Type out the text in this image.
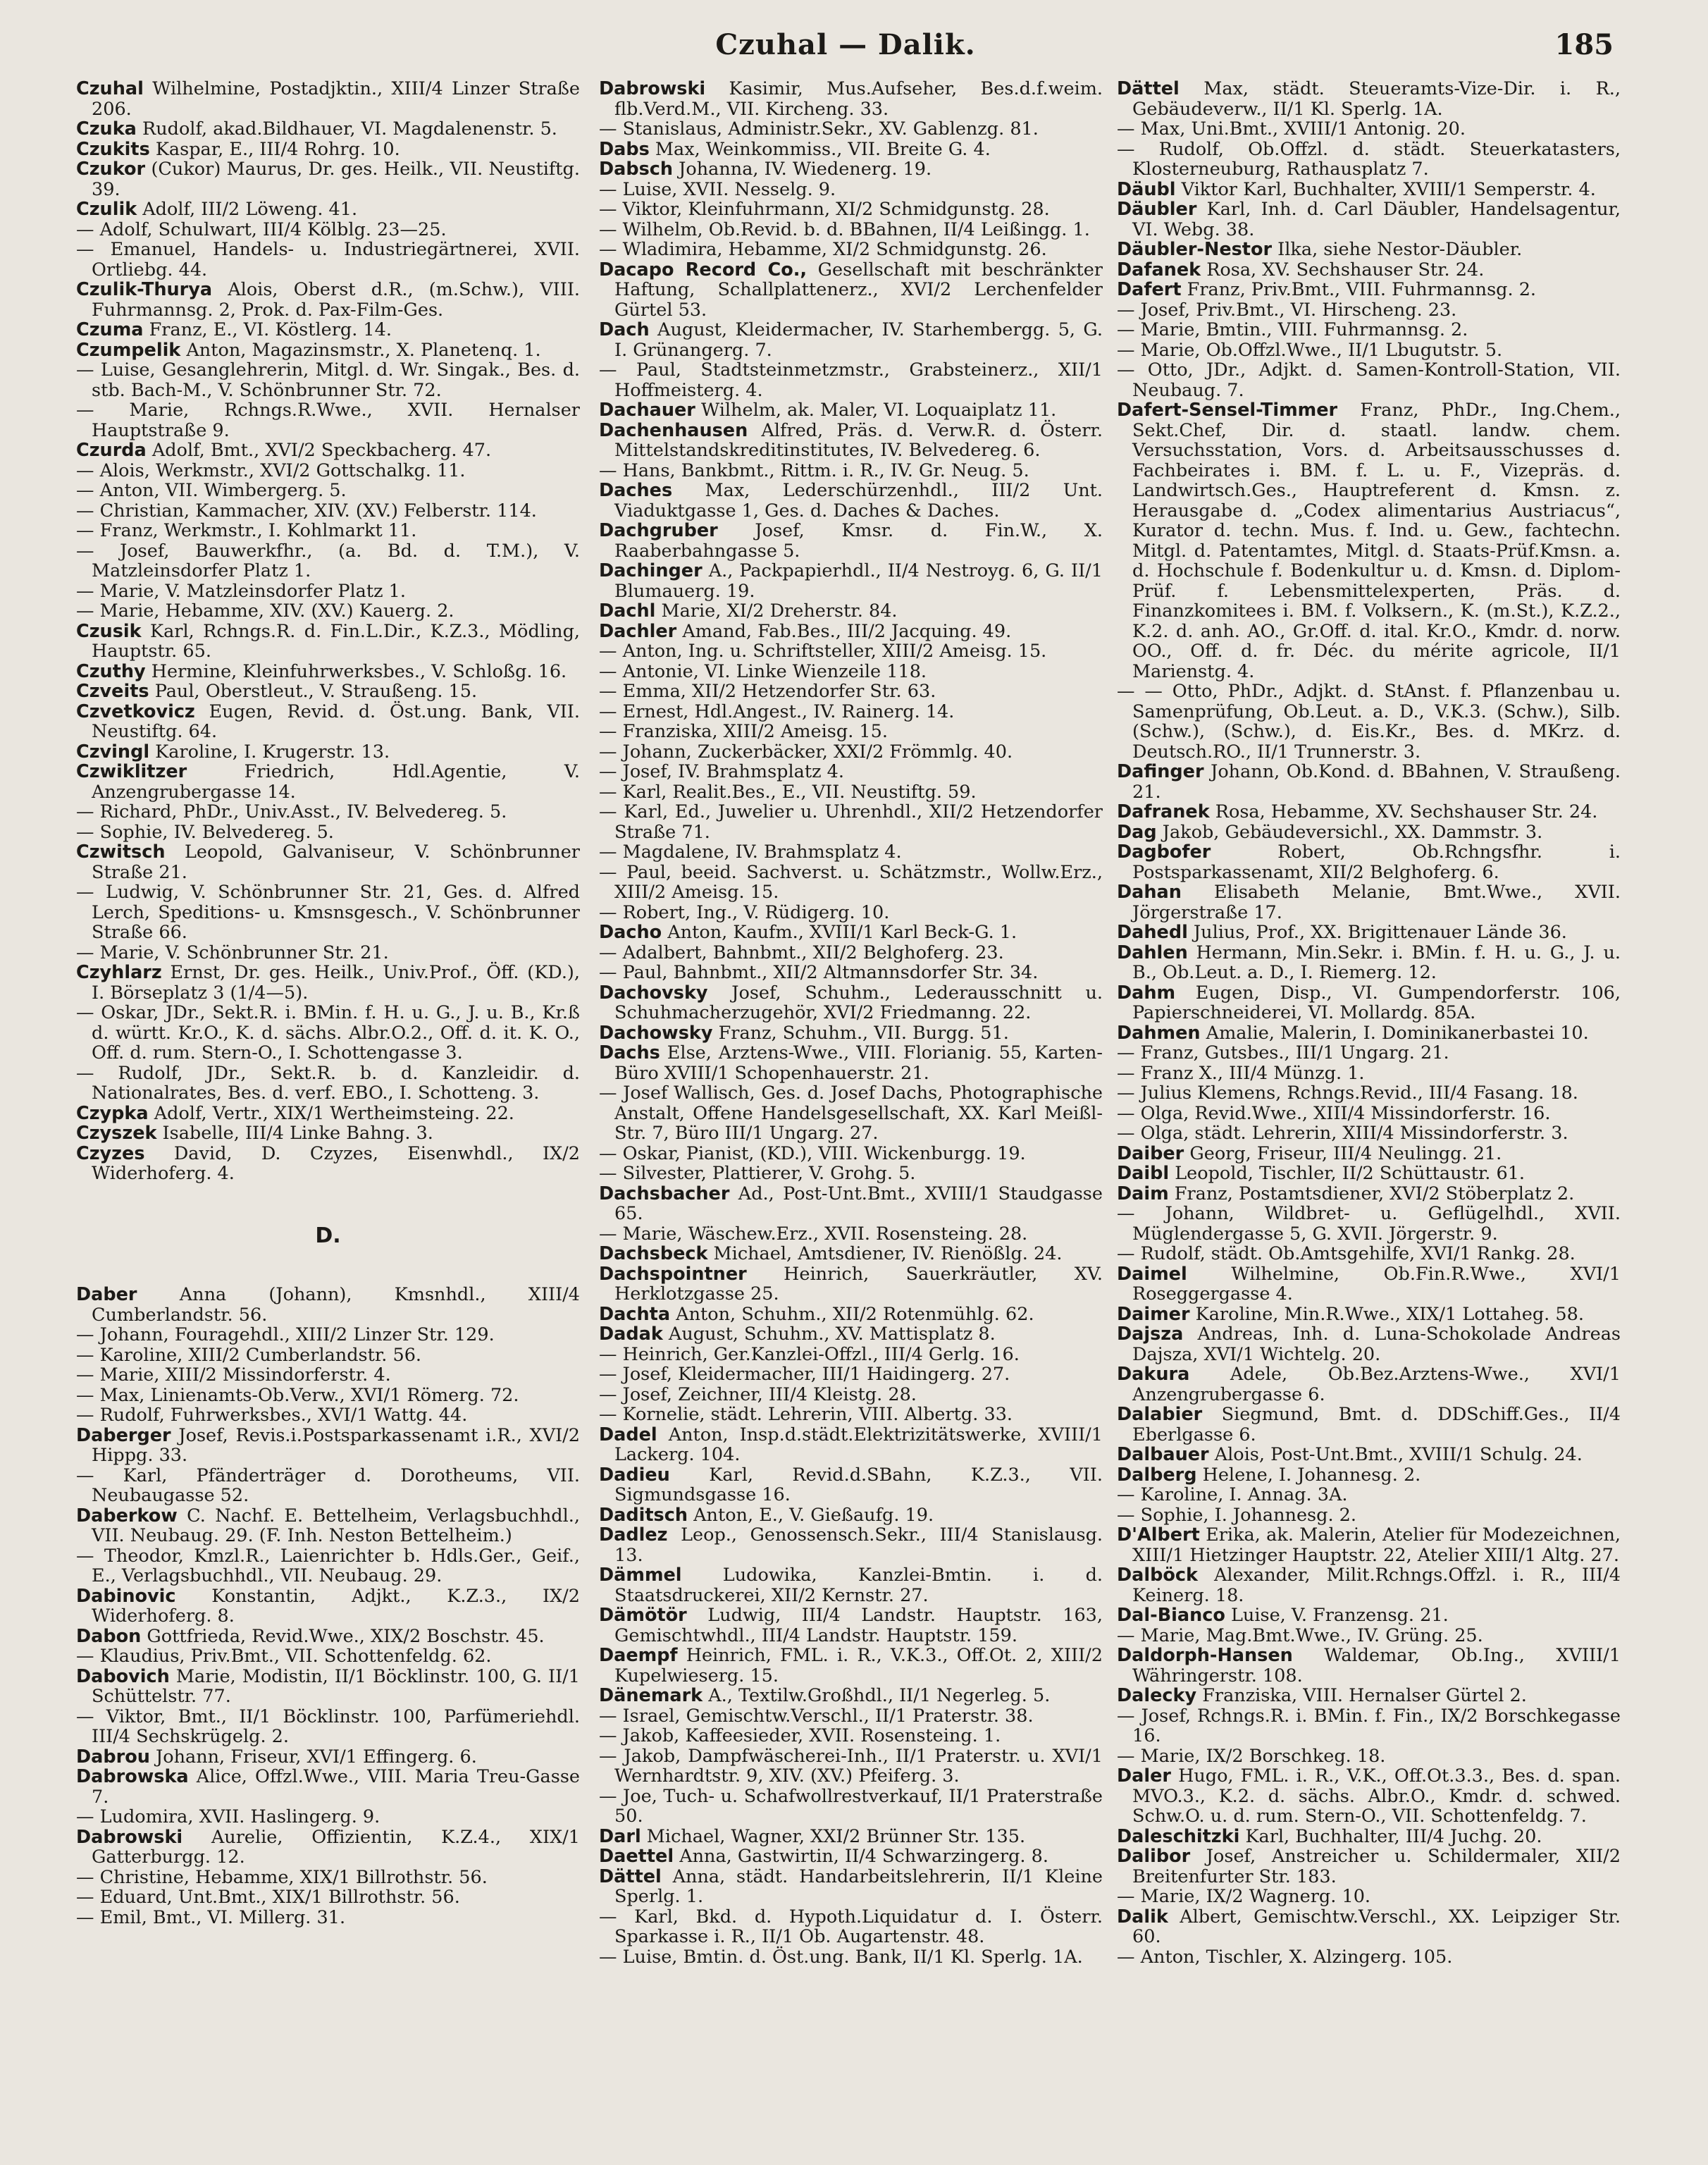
Czuhal — Dalik.	185

Czuhal Wilhelmine, Postadjktin., XIII/4 Linzer Straße 206.

Czuka Rudolf, akad.Bildhauer, VI. Magdalenenstr. 5.

Czukits Kaspar, E., III/4 Rohrg. 10.

Czukor (Cukor) Maurus, Dr. ges. Heilk., VII. Neustiftg. 39.

Czulik Adolf, III/2 Löweng. 41.

— Adolf, Schulwart, III/4 Kölblg. 23—25.

— Emanuel, Handels- u. Industriegärtnerei, XVII. Ortliebg. 44.

Czulik-Thurya Alois, Oberst d.R., (m.Schw.), VIII. Fuhrmannsg. 2, Prok. d. Pax-Film-Ges.

Czuma Franz, E., VI. Köstlerg. 14.

Czumpelik Anton, Magazinsmstr., X. Planetenq. 1.

— Luise, Gesanglehrerin, Mitgl. d. Wr. Singak., Bes. d. stb. Bach-M., V. Schönbrunner Str. 72.

— Marie, Rchngs.R.Wwe., XVII. Hernalser Hauptstraße 9.

Czurda Adolf, Bmt., XVI/2 Speckbacherg. 47.

— Alois, Werkmstr., XVI/2 Gottschalkg. 11.

— Anton, VII. Wimbergerg. 5.

— Christian, Kammacher, XIV. (XV.) Felberstr. 114.

— Franz, Werkmstr., I. Kohlmarkt 11.

— Josef, Bauwerkfhr., (a. Bd. d. T.M.), V. Matzleinsdorfer Platz 1.

— Marie, V. Matzleinsdorfer Platz 1.

— Marie, Hebamme, XIV. (XV.) Kauerg. 2.

Czusik Karl, Rchngs.R. d. Fin.L.Dir., K.Z.3., Mödling, Hauptstr. 65.

Czuthy Hermine, Kleinfuhrwerksbes., V. Schloßg. 16.

Czveits Paul, Oberstleut., V. Straußeng. 15.

Czvetkovicz Eugen, Revid. d. Öst.ung. Bank, VII. Neustiftg. 64.

Czvingl Karoline, I. Krugerstr. 13.

Czwiklitzer Friedrich, Hdl.Agentie, V. Anzengrubergasse 14.

— Richard, PhDr., Univ.Asst., IV. Belvedereg. 5.

— Sophie, IV. Belvedereg. 5.

Czwitsch Leopold, Galvaniseur, V. Schönbrunner Straße 21.

— Ludwig, V. Schönbrunner Str. 21, Ges. d. Alfred Lerch, Speditions- u. Kmsnsgesch., V. Schönbrunner Straße 66.

— Marie, V. Schönbrunner Str. 21.

Czyhlarz Ernst, Dr. ges. Heilk., Univ.Prof., Öff. (KD.), I. Börseplatz 3 (1/4—5).

— Oskar, JDr., Sekt.R. i. BMin. f. H. u. G., J. u. B., Kr.ß d. württ. Kr.O., K. d. sächs. Albr.O.2., Off. d. it. K. O., Off. d. rum. Stern-O., I. Schottengasse 3.

— Rudolf, JDr., Sekt.R. b. d. Kanzleidir. d. Nationalrates, Bes. d. verf. EBO., I. Schotteng. 3.

Czypka Adolf, Vertr., XIX/1 Wertheimsteing. 22.

Czyszek Isabelle, III/4 Linke Bahng. 3.

Czyzes David, D. Czyzes, Eisenwhdl., IX/2 Widerhoferg. 4.

D.

Daber Anna (Johann), Kmsnhdl., XIII/4 Cumberlandstr. 56.

— Johann, Fouragehdl., XIII/2 Linzer Str. 129.

— Karoline, XIII/2 Cumberlandstr. 56.

— Marie, XIII/2 Missindorferstr. 4.

— Max, Linienamts-Ob.Verw., XVI/1 Römerg. 72.

— Rudolf, Fuhrwerksbes., XVI/1 Wattg. 44.

Daberger Josef, Revis.i.Postsparkassenamt i.R., XVI/2 Hippg. 33.

— Karl, Pfänderträger d. Dorotheums, VII. Neubaugasse 52.

Daberkow C. Nachf. E. Bettelheim, Verlagsbuchhdl., VII. Neubaug. 29. (F. Inh. Neston Bettelheim.)

— Theodor, Kmzl.R., Laienrichter b. Hdls.Ger., Geif., E., Verlagsbuchhdl., VII. Neubaug. 29.

Dabinovic Konstantin, Adjkt., K.Z.3., IX/2 Widerhoferg. 8.

Dabon Gottfrieda, Revid.Wwe., XIX/2 Boschstr. 45.

— Klaudius, Priv.Bmt., VII. Schottenfeldg. 62.

Dabovich Marie, Modistin, II/1 Böcklinstr. 100, G. II/1 Schüttelstr. 77.

— Viktor, Bmt., II/1 Böcklinstr. 100, Parfümeriehdl. III/4 Sechskrügelg. 2.

Dabrou Johann, Friseur, XVI/1 Effingerg. 6.

Dabrowska Alice, Offzl.Wwe., VIII. Maria Treu-Gasse 7.

— Ludomira, XVII. Haslingerg. 9.

Dabrowski Aurelie, Offizientin, K.Z.4., XIX/1 Gatterburgg. 12.

— Christine, Hebamme, XIX/1 Billrothstr. 56.

— Eduard, Unt.Bmt., XIX/1 Billrothstr. 56.

— Emil, Bmt., VI. Millerg. 31.

Dabrowski Kasimir, Mus.Aufseher, Bes.d.f.weim. flb.Verd.M., VII. Kircheng. 33.

— Stanislaus, Administr.Sekr., XV. Gablenzg. 81.

Dabs Max, Weinkommiss., VII. Breite G. 4.

Dabsch Johanna, IV. Wiedenerg. 19.

— Luise, XVII. Nesselg. 9.

— Viktor, Kleinfuhrmann, XI/2 Schmidgunstg. 28.

— Wilhelm, Ob.Revid. b. d. BBahnen, II/4 Leißingg. 1.

— Wladimira, Hebamme, XI/2 Schmidgunstg. 26.

Dacapo Record Co., Gesellschaft mit beschränkter Haftung, Schallplattenerz., XVI/2 Lerchenfelder Gürtel 53.

Dach August, Kleidermacher, IV. Starhembergg. 5, G. I. Grünangerg. 7.

— Paul, Stadtsteinmetzmstr., Grabsteinerz., XII/1 Hoffmeisterg. 4.

Dachauer Wilhelm, ak. Maler, VI. Loquaiplatz 11.

Dachenhausen Alfred, Präs. d. Verw.R. d. Österr. Mittelstandskreditinstitutes, IV. Belvedereg. 6.

— Hans, Bankbmt., Rittm. i. R., IV. Gr. Neug. 5.

Daches Max, Lederschürzenhdl., III/2 Unt. Viaduktgasse 1, Ges. d. Daches & Daches.

Dachgruber Josef, Kmsr. d. Fin.W., X. Raaberbahngasse 5.

Dachinger A., Packpapierhdl., II/4 Nestroyg. 6, G. II/1 Blumauerg. 19.

Dachl Marie, XI/2 Dreherstr. 84.

Dachler Amand, Fab.Bes., III/2 Jacquing. 49.

— Anton, Ing. u. Schriftsteller, XIII/2 Ameisg. 15.

— Antonie, VI. Linke Wienzeile 118.

— Emma, XII/2 Hetzendorfer Str. 63.

— Ernest, Hdl.Angest., IV. Rainerg. 14.

— Franziska, XIII/2 Ameisg. 15.

— Johann, Zuckerbäcker, XXI/2 Frömmlg. 40.

— Josef, IV. Brahmsplatz 4.

— Karl, Realit.Bes., E., VII. Neustiftg. 59.

— Karl, Ed., Juwelier u. Uhrenhdl., XII/2 Hetzendorfer Straße 71.

— Magdalene, IV. Brahmsplatz 4.

— Paul, beeid. Sachverst. u. Schätzmstr., Wollw.Erz., XIII/2 Ameisg. 15.

— Robert, Ing., V. Rüdigerg. 10.

Dacho Anton, Kaufm., XVIII/1 Karl Beck-G. 1.

— Adalbert, Bahnbmt., XII/2 Belghoferg. 23.

— Paul, Bahnbmt., XII/2 Altmannsdorfer Str. 34.

Dachovsky Josef, Schuhm., Lederausschnitt u. Schuhmacherzugehör, XVI/2 Friedmanng. 22.

Dachowsky Franz, Schuhm., VII. Burgg. 51.

Dachs Else, Arztens-Wwe., VIII. Florianig. 55, Karten-Büro XVIII/1 Schopenhauerstr. 21.

— Josef Wallisch, Ges. d. Josef Dachs, Photographische Anstalt, Offene Handelsgesellschaft, XX. Karl Meißl-Str. 7, Büro III/1 Ungarg. 27.

— Oskar, Pianist, (KD.), VIII. Wickenburgg. 19.

— Silvester, Plattierer, V. Grohg. 5.

Dachsbacher Ad., Post-Unt.Bmt., XVIII/1 Staudgasse 65.

— Marie, Wäschew.Erz., XVII. Rosensteing. 28.

Dachsbeck Michael, Amtsdiener, IV. Rienößlg. 24.

Dachspointner Heinrich, Sauerkräutler, XV. Herklotzgasse 25.

Dachta Anton, Schuhm., XII/2 Rotenmühlg. 62.

Dadak August, Schuhm., XV. Mattisplatz 8.

— Heinrich, Ger.Kanzlei-Offzl., III/4 Gerlg. 16.

— Josef, Kleidermacher, III/1 Haidingerg. 27.

— Josef, Zeichner, III/4 Kleistg. 28.

— Kornelie, städt. Lehrerin, VIII. Albertg. 33.

Dadel Anton, Insp.d.städt.Elektrizitätswerke, XVIII/1 Lackerg. 104.

Dadieu Karl, Revid.d.SBahn, K.Z.3., VII. Sigmundsgasse 16.

Daditsch Anton, E., V. Gießaufg. 19.

Dadlez Leop., Genossensch.Sekr., III/4 Stanislausg. 13.

Dämmel Ludowika, Kanzlei-Bmtin. i. d. Staatsdruckerei, XII/2 Kernstr. 27.

Dämötör Ludwig, III/4 Landstr. Hauptstr. 163, Gemischtwhdl., III/4 Landstr. Hauptstr. 159.

Daempf Heinrich, FML. i. R., V.K.3., Off.Ot. 2, XIII/2 Kupelwieserg. 15.

Dänemark A., Textilw.Großhdl., II/1 Negerleg. 5.

— Israel, Gemischtw.Verschl., II/1 Praterstr. 38.

— Jakob, Kaffeesieder, XVII. Rosensteing. 1.

— Jakob, Dampfwäscherei-Inh., II/1 Praterstr. u. XVI/1 Wernhardtstr. 9, XIV. (XV.) Pfeiferg. 3.

— Joe, Tuch- u. Schafwollrestverkauf, II/1 Praterstraße 50.

Darl Michael, Wagner, XXI/2 Brünner Str. 135.

Daettel Anna, Gastwirtin, II/4 Schwarzingerg. 8.

Dättel Anna, städt. Handarbeitslehrerin, II/1 Kleine Sperlg. 1.

— Karl, Bkd. d. Hypoth.Liquidatur d. I. Österr. Sparkasse i. R., II/1 Ob. Augartenstr. 48.

— Luise, Bmtin. d. Öst.ung. Bank, II/1 Kl. Sperlg. 1A.

Dättel Max, städt. Steueramts-Vize-Dir. i. R., Gebäudeverw., II/1 Kl. Sperlg. 1A.

— Max, Uni.Bmt., XVIII/1 Antonig. 20.

— Rudolf, Ob.Offzl. d. städt. Steuerkatasters, Klosterneuburg, Rathausplatz 7.

Däubl Viktor Karl, Buchhalter, XVIII/1 Semperstr. 4.

Däubler Karl, Inh. d. Carl Däubler, Handelsagentur, VI. Webg. 38.

Däubler-Nestor Ilka, siehe Nestor-Däubler.

Dafanek Rosa, XV. Sechshauser Str. 24.

Dafert Franz, Priv.Bmt., VIII. Fuhrmannsg. 2.

— Josef, Priv.Bmt., VI. Hirscheng. 23.

— Marie, Bmtin., VIII. Fuhrmannsg. 2.

— Marie, Ob.Offzl.Wwe., II/1 Lbugutstr. 5.

— Otto, JDr., Adjkt. d. Samen-Kontroll-Station, VII. Neubaug. 7.

Dafert-Sensel-Timmer Franz, PhDr., Ing.Chem., Sekt.Chef, Dir. d. staatl. landw. chem. Versuchsstation, Vors. d. Arbeitsausschusses d. Fachbeirates i. BM. f. L. u. F., Vizepräs. d. Landwirtsch.Ges., Hauptreferent d. Kmsn. z. Herausgabe d. „Codex alimentarius Austriacus“, Kurator d. techn. Mus. f. Ind. u. Gew., fachtechn. Mitgl. d. Patentamtes, Mitgl. d. Staats-Prüf.Kmsn. a. d. Hochschule f. Bodenkultur u. d. Kmsn. d. Diplom-Prüf. f. Lebensmittelexperten, Präs. d. Finanzkomitees i. BM. f. Volksern., K. (m.St.), K.Z.2., K.2. d. anh. AO., Gr.Off. d. ital. Kr.O., Kmdr. d. norw. OO., Off. d. fr. Déc. du mérite agricole, II/1 Marienstg. 4.

— — Otto, PhDr., Adjkt. d. StAnst. f. Pflanzenbau u. Samenprüfung, Ob.Leut. a. D., V.K.3. (Schw.), Silb. (Schw.), (Schw.), d. Eis.Kr., Bes. d. MKrz. d. Deutsch.RO., II/1 Trunnerstr. 3.

Dafinger Johann, Ob.Kond. d. BBahnen, V. Straußeng. 21.

Dafranek Rosa, Hebamme, XV. Sechshauser Str. 24.

Dag Jakob, Gebäudeversichl., XX. Dammstr. 3.

Dagbofer Robert, Ob.Rchngsfhr. i. Postsparkassenamt, XII/2 Belghoferg. 6.

Dahan Elisabeth Melanie, Bmt.Wwe., XVII. Jörgerstraße 17.

Dahedl Julius, Prof., XX. Brigittenauer Lände 36.

Dahlen Hermann, Min.Sekr. i. BMin. f. H. u. G., J. u. B., Ob.Leut. a. D., I. Riemerg. 12.

Dahm Eugen, Disp., VI. Gumpendorferstr. 106, Papierschneiderei, VI. Mollardg. 85A.

Dahmen Amalie, Malerin, I. Dominikanerbastei 10.

— Franz, Gutsbes., III/1 Ungarg. 21.

— Franz X., III/4 Münzg. 1.

— Julius Klemens, Rchngs.Revid., III/4 Fasang. 18.

— Olga, Revid.Wwe., XIII/4 Missindorferstr. 16.

— Olga, städt. Lehrerin, XIII/4 Missindorferstr. 3.

Daiber Georg, Friseur, III/4 Neulingg. 21.

Daibl Leopold, Tischler, II/2 Schüttaustr. 61.

Daim Franz, Postamtsdiener, XVI/2 Stöberplatz 2.

— Johann, Wildbret- u. Geflügelhdl., XVII. Müglendergasse 5, G. XVII. Jörgerstr. 9.

— Rudolf, städt. Ob.Amtsgehilfe, XVI/1 Rankg. 28.

Daimel Wilhelmine, Ob.Fin.R.Wwe., XVI/1 Roseggergasse 4.

Daimer Karoline, Min.R.Wwe., XIX/1 Lottaheg. 58.

Dajsza Andreas, Inh. d. Luna-Schokolade Andreas Dajsza, XVI/1 Wichtelg. 20.

Dakura Adele, Ob.Bez.Arztens-Wwe., XVI/1 Anzengrubergasse 6.

Dalabier Siegmund, Bmt. d. DDSchiff.Ges., II/4 Eberlgasse 6.

Dalbauer Alois, Post-Unt.Bmt., XVIII/1 Schulg. 24.

Dalberg Helene, I. Johannesg. 2.

— Karoline, I. Annag. 3A.

— Sophie, I. Johannesg. 2.

D'Albert Erika, ak. Malerin, Atelier für Modezeichnen, XIII/1 Hietzinger Hauptstr. 22, Atelier XIII/1 Altg. 27.

Dalböck Alexander, Milit.Rchngs.Offzl. i. R., III/4 Keinerg. 18.

Dal-Bianco Luise, V. Franzensg. 21.

— Marie, Mag.Bmt.Wwe., IV. Grüng. 25.

Daldorph-Hansen Waldemar, Ob.Ing., XVIII/1 Währingerstr. 108.

Dalecky Franziska, VIII. Hernalser Gürtel 2.

— Josef, Rchngs.R. i. BMin. f. Fin., IX/2 Borschkegasse 16.

— Marie, IX/2 Borschkeg. 18.

Daler Hugo, FML. i. R., V.K., Off.Ot.3.3., Bes. d. span. MVO.3., K.2. d. sächs. Albr.O., Kmdr. d. schwed. Schw.O. u. d. rum. Stern-O., VII. Schottenfeldg. 7.

Daleschitzki Karl, Buchhalter, III/4 Juchg. 20.

Dalibor Josef, Anstreicher u. Schildermaler, XII/2 Breitenfurter Str. 183.

— Marie, IX/2 Wagnerg. 10.

Dalik Albert, Gemischtw.Verschl., XX. Leipziger Str. 60.

— Anton, Tischler, X. Alzingerg. 105.
